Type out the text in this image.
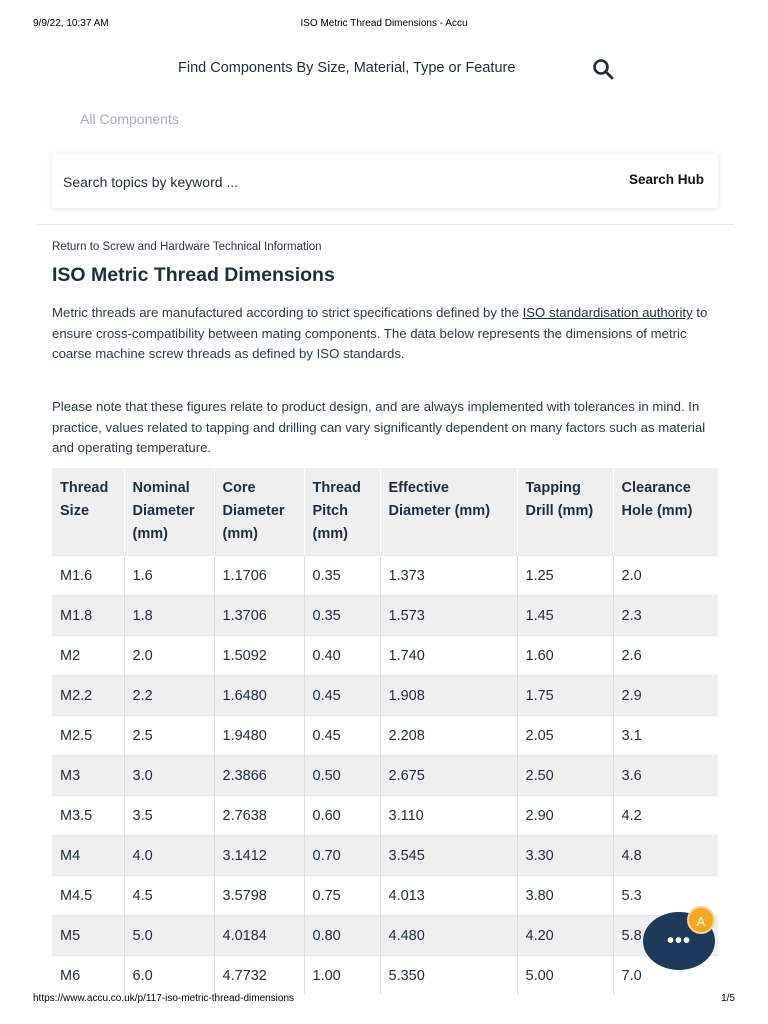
9/9/22, 10:37 AM	ISO Metric Thread Dimensions - Accu
Find Components By Size, Material, Type or Feature
All Components
Search topics by keyword ...
Search Hub
Return to Screw and Hardware Technical Information
ISO Metric Thread Dimensions

Metric threads are manufactured according to strict specifications defined by the ISO standardisation authority to ensure cross-compatibility between mating components. The data below represents the dimensions of metric coarse machine screw threads as defined by ISO standards.

Please note that these figures relate to product design, and are always implemented with tolerances in mind. In practice, values related to tapping and drilling can vary significantly dependent on many factors such as material and operating temperature.

Thread Size	Nominal Diameter (mm)	Core Diameter (mm)	Thread Pitch (mm)	Effective Diameter (mm)	Tapping Drill (mm)	Clearance Hole (mm)
M1.6	1.6	1.1706	0.35	1.373	1.25	2.0
M1.8	1.8	1.3706	0.35	1.573	1.45	2.3
M2	2.0	1.5092	0.40	1.740	1.60	2.6
M2.2	2.2	1.6480	0.45	1.908	1.75	2.9
M2.5	2.5	1.9480	0.45	2.208	2.05	3.1
M3	3.0	2.3866	0.50	2.675	2.50	3.6
M3.5	3.5	2.7638	0.60	3.110	2.90	4.2
M4	4.0	3.1412	0.70	3.545	3.30	4.8
M4.5	4.5	3.5798	0.75	4.013	3.80	5.3
M5	5.0	4.0184	0.80	4.480	4.20	5.8
M6	6.0	4.7732	1.00	5.350	5.00	7.0
•••
A
https://www.accu.co.uk/p/117-iso-metric-thread-dimensions	1/5
